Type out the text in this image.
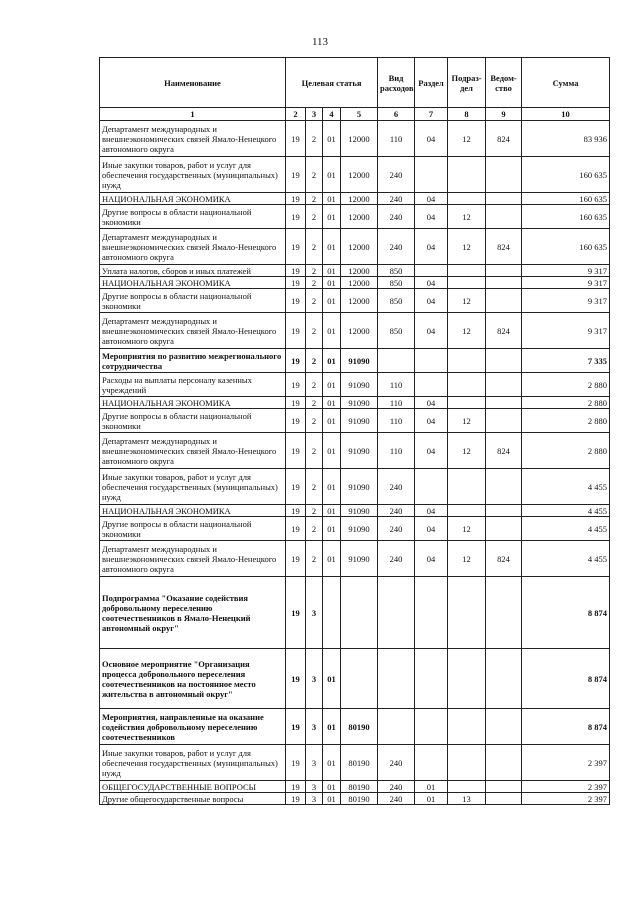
113
Наименование	Целевая статья				Вид расходов	Раздел	Подраз-дел	Ведом-ство	Сумма
1	2	3	4	5	6	7	8	9	10
Департамент международных и внешнеэкономических связей Ямало-Ненецкого автономного округа	19	2	01	12000	110	04	12	824	83 936
Иные закупки товаров, работ и услуг для обеспечения государственных (муниципальных) нужд	19	2	01	12000	240				160 635
НАЦИОНАЛЬНАЯ ЭКОНОМИКА	19	2	01	12000	240	04			160 635
Другие вопросы в области национальной экономики	19	2	01	12000	240	04	12		160 635
Департамент международных и внешнеэкономических связей Ямало-Ненецкого автономного округа	19	2	01	12000	240	04	12	824	160 635
Уплата налогов, сборов и иных платежей	19	2	01	12000	850				9 317
НАЦИОНАЛЬНАЯ ЭКОНОМИКА	19	2	01	12000	850	04			9 317
Другие вопросы в области национальной экономики	19	2	01	12000	850	04	12		9 317
Департамент международных и внешнеэкономических связей Ямало-Ненецкого автономного округа	19	2	01	12000	850	04	12	824	9 317
Мероприятия по развитию межрегионального сотрудничества	19	2	01	91090					7 335
Расходы на выплаты персоналу казенных учреждений	19	2	01	91090	110				2 880
НАЦИОНАЛЬНАЯ ЭКОНОМИКА	19	2	01	91090	110	04			2 880
Другие вопросы в области национальной экономики	19	2	01	91090	110	04	12		2 880
Департамент международных и внешнеэкономических связей Ямало-Ненецкого автономного округа	19	2	01	91090	110	04	12	824	2 880
Иные закупки товаров, работ и услуг для обеспечения государственных (муниципальных) нужд	19	2	01	91090	240				4 455
НАЦИОНАЛЬНАЯ ЭКОНОМИКА	19	2	01	91090	240	04			4 455
Другие вопросы в области национальной экономики	19	2	01	91090	240	04	12		4 455
Департамент международных и внешнеэкономических связей Ямало-Ненецкого автономного округа	19	2	01	91090	240	04	12	824	4 455
Подпрограмма "Оказание содействия добровольному переселению соотечественников в Ямало-Ненецкий автономный округ"	19	3							8 874
Основное мероприятие "Организация процесса добровольного переселения соотечественников на постоянное место жительства в автономный округ"	19	3	01						8 874
Мероприятия, направленные на оказание содействия добровольному переселению соотечественников	19	3	01	80190					8 874
Иные закупки товаров, работ и услуг для обеспечения государственных (муниципальных) нужд	19	3	01	80190	240				2 397
ОБЩЕГОСУДАРСТВЕННЫЕ ВОПРОСЫ	19	3	01	80190	240	01			2 397
Другие общегосударственные вопросы	19	3	01	80190	240	01	13		2 397
